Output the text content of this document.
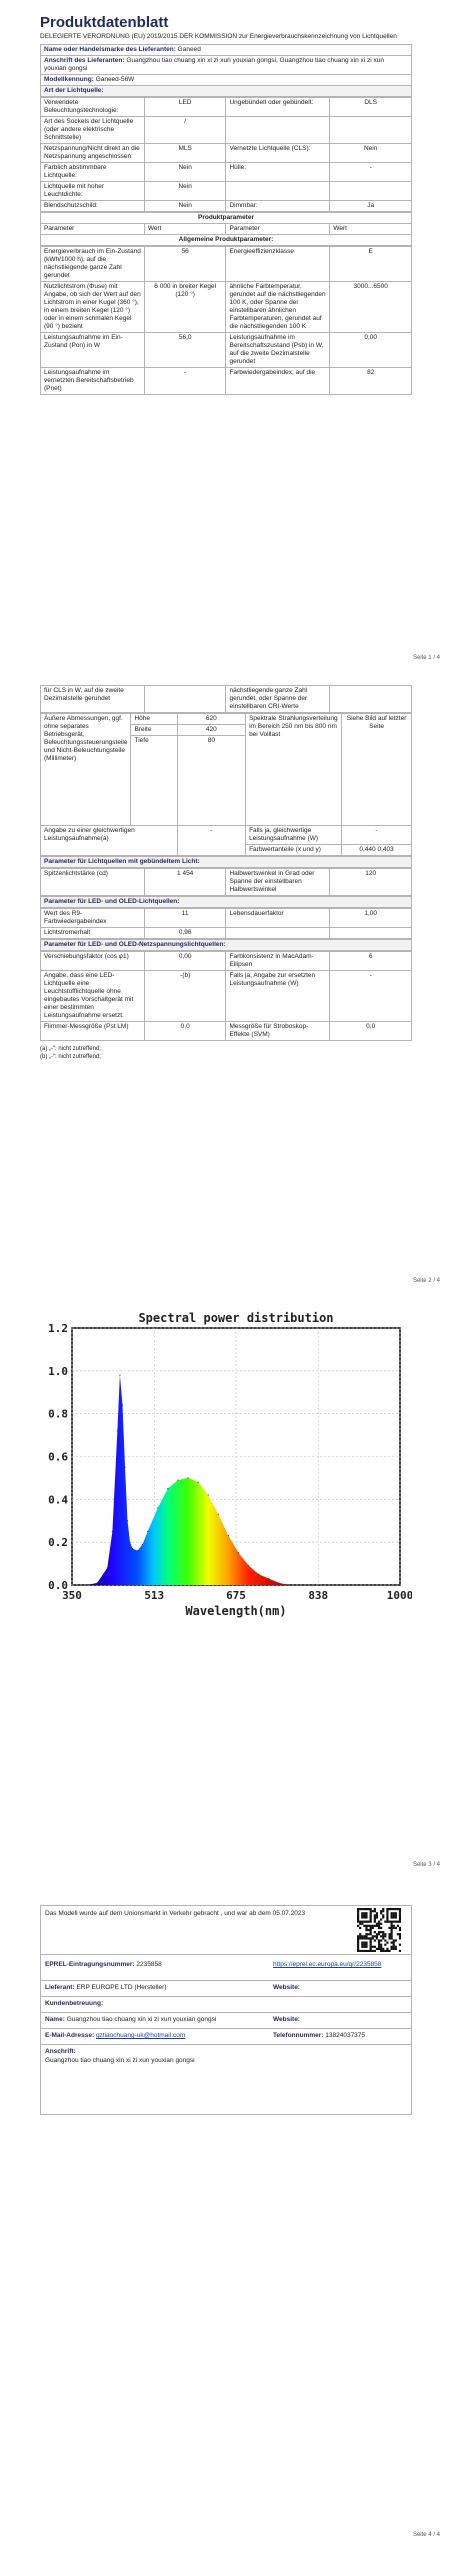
Produktdatenblatt
DELEGIERTE VERORDNUNG (EU) 2019/2015 DER KOMMISSION zur Energieverbrauchskennzeichnung von Lichtquellen
Name oder Handelsmarke des Lieferanten: Ganeed
Anschrift des Lieferanten: Guangzhou tiao chuang xin xi zi xun youxian gongsi, Guangzhou tiao chuang xin xi zi xun youxian gongsi
Modellkennung: Ganeed-56W
Art der Lichtquelle:
Verwendete Beleuchtungstechnologie:	LED	Ungebündelt oder gebündelt:	DLS
Art des Sockels der Lichtquelle (oder andere elektrische Schnittstelle)	/		
Netzspannung/Nicht direkt an die Netzspannung angeschlossen:	MLS	Vernetzte Lichtquelle (CLS):	Nein
Farblich abstimmbare Lichtquelle:	Nein	Hülle:	-
Lichtquelle mit hoher Leuchtdichte:	Nein		
Blendschutzschild:	Nein	Dimmbar:	Ja
Produktparameter
Parameter	Wert	Parameter	Wert
Allgemeine Produktparameter:
Energieverbrauch im Ein-Zustand (kWh/1000 h), auf die nächstliegende ganze Zahl gerundet	56	Energieeffizienzklasse	E
Nutzlichtstrom (Φuse) mit Angabe, ob sich der Wert auf den Lichtstrom in einer Kugel (360 °), in einem breiten Kegel (120 °) oder in einem schmalen Kegel (90 °) bezieht	6 000 in breiter Kegel (120 °)	ähnliche Farbtemperatur, gerundet auf die nächstliegenden 100 K, oder Spanne der einstellbaren ähnlichen Farbtemperaturen, gerundet auf die nächstliegenden 100 K	3000...6500
Leistungsaufnahme im Ein-Zustand (Pon) in W	56,0	Leistungsaufnahme im Bereitschaftszustand (Psb) in W, auf die zweite Dezimalstelle gerundet	0,00
Leistungsaufnahme im vernetzten Bereitschaftsbetrieb (Pnet)	-	Farbwiedergabeindex, auf die	82
Seite 1 / 4
für CLS in W, auf die zweite Dezimalstelle gerundet		nächstliegende ganze Zahl gerundet, oder Spanne der einstellbaren CRI-Werte	
Äußere Abmessungen, ggf. ohne separates Betriebsgerät, Beleuchtungssteuerungsteile und Nicht-Beleuchtungsteile (Millimeter)	Höhe	620	Spektrale Strahlungsverteilung im Bereich 250 nm bis 800 nm bei Volllast	Siehe Bild auf letzter Seite
	Breite	420		
	Tiefe	80		
Angabe zu einer gleichwertigen Leistungsaufnahme(a)		-	Falls ja, gleichwertige Leistungsaufnahme (W)	-
			Farbwertanteile (x und y)	0,440 0,403
Parameter für Lichtquellen mit gebündeltem Licht:
Spitzenlichtstärke (cd)	1 454	Halbwertswinkel in Grad oder Spanne der einstellbaren Halbwertswinkel	120
Parameter für LED- und OLED-Lichtquellen:
Wert des R9-Farbwiedergabeindex	11	Lebensdauerfaktor	1,00
Lichtstromerhalt	0,96		
Parameter für LED- und OLED-Netzspannungslichtquellen:
Verschiebungsfaktor (cos φ1)	0,00	Farbkonsistenz in MacAdam-Ellipsen	6
Angabe, dass eine LED-Lichtquelle eine Leuchtstofflichtquelle ohne eingebautes Vorschaltgerät mit einer bestimmten Leistungsaufnahme ersetzt.	-(b)	Falls ja, Angabe zur ersetzten Leistungsaufnahme (W)	-
Flimmer-Messgröße (Pst LM)	0,0	Messgröße für Stroboskop-Effekte (SVM)	0,0
(a) „-“: nicht zutreffend;
(b) „-“: nicht zutreffend;
Seite 2 / 4
0.0
0.2
0.4
0.6
0.8
1.0
1.2
350	513	675	838	1000
Spectral power distribution
Wavelength(nm)
Seite 3 / 4
Das Modell wurde auf dem Unionsmarkt in Verkehr gebracht , und war ab dem 05.07.2023
EPREL-Eintragungsnummer: 2235858	https://eprel.ec.europa.eu/qr/2235858
Lieferant: ERP EUROPE LTD (Hersteller)	Website:
Kundenbetreuung:
Name: Guangzhou tiao chuang xin xi zi xun youxian gongsi	Website:
E-Mail-Adresse: gztiaochuang-uk@hotmail.com	Telefonnummer: 13824037375
Anschrift:
Guangzhou tiao chuang xin xi zi xun youxian gongsi
Seite 4 / 4
